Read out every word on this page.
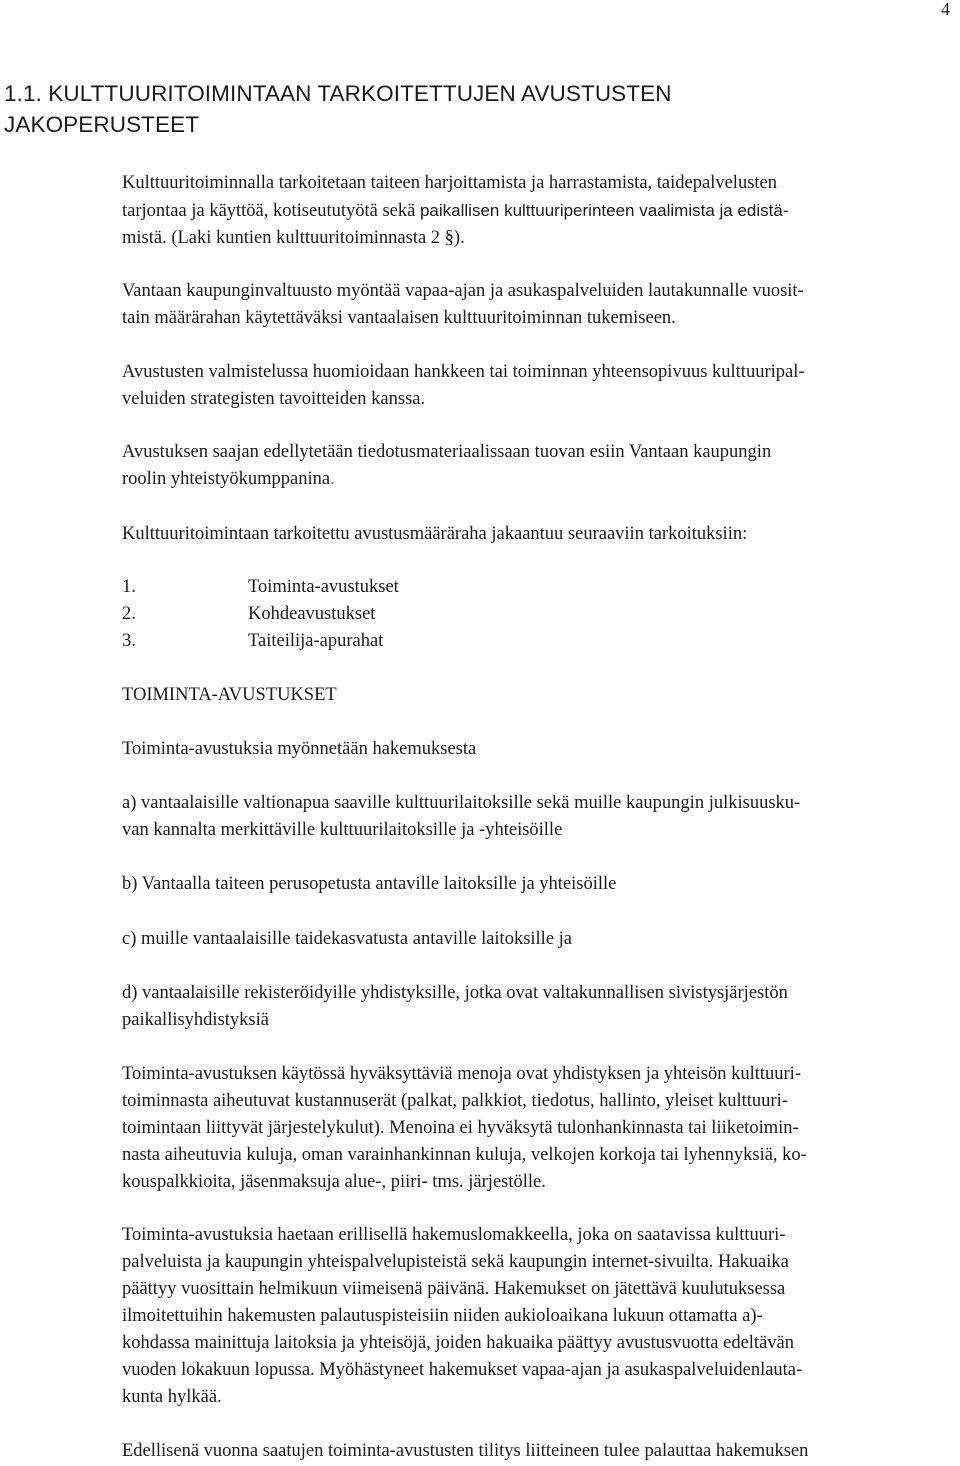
4
1.1. KULTTUURITOIMINTAAN TARKOITETTUJEN AVUSTUSTEN
JAKOPERUSTEET
Kulttuuritoiminnalla tarkoitetaan taiteen harjoittamista ja harrastamista, taidepalvelusten
tarjontaa ja käyttöä, kotiseututyötä sekä paikallisen kulttuuriperinteen vaalimista ja edistä-
mistä. (Laki kuntien kulttuuritoiminnasta 2 §).
Vantaan kaupunginvaltuusto myöntää vapaa-ajan ja asukaspalveluiden lautakunnalle vuosit-
tain määrärahan käytettäväksi vantaalaisen kulttuuritoiminnan tukemiseen.
Avustusten valmistelussa huomioidaan hankkeen tai toiminnan yhteensopivuus kulttuuripal-
veluiden strategisten tavoitteiden kanssa.
Avustuksen saajan edellytetään tiedotusmateriaalissaan tuovan esiin Vantaan kaupungin
roolin yhteistyökumppanina.
Kulttuuritoimintaan tarkoitettu avustusmääräraha jakaantuu seuraaviin tarkoituksiin:
1.	Toiminta-avustukset
2.	Kohdeavustukset
3.	Taiteilija-apurahat
TOIMINTA-AVUSTUKSET
Toiminta-avustuksia myönnetään hakemuksesta
a) vantaalaisille valtionapua saaville kulttuurilaitoksille sekä muille kaupungin julkisuusku-
van kannalta merkittäville kulttuurilaitoksille ja -yhteisöille
b) Vantaalla taiteen perusopetusta antaville laitoksille ja yhteisöille
c) muille vantaalaisille taidekasvatusta antaville laitoksille ja
d) vantaalaisille rekisteröidyille yhdistyksille, jotka ovat valtakunnallisen sivistysjärjestön
paikallisyhdistyksiä
Toiminta-avustuksen käytössä hyväksyttäviä menoja ovat yhdistyksen ja yhteisön kulttuuri-
toiminnasta aiheutuvat kustannuserät (palkat, palkkiot, tiedotus, hallinto, yleiset kulttuuri-
toimintaan liittyvät järjestelykulut). Menoina ei hyväksytä tulonhankinnasta tai liiketoimin-
nasta aiheutuvia kuluja, oman varainhankinnan kuluja, velkojen korkoja tai lyhennyksiä, ko-
kouspalkkioita, jäsenmaksuja alue-, piiri- tms. järjestölle.
Toiminta-avustuksia haetaan erillisellä hakemuslomakkeella, joka on saatavissa kulttuuri-
palveluista ja kaupungin yhteispalvelupisteistä sekä kaupungin internet-sivuilta. Hakuaika
päättyy vuosittain helmikuun viimeisenä päivänä. Hakemukset on jätettävä kuulutuksessa
ilmoitettuihin hakemusten palautuspisteisiin niiden aukioloaikana lukuun ottamatta a)-
kohdassa mainittuja laitoksia ja yhteisöjä, joiden hakuaika päättyy avustusvuotta edeltävän
vuoden lokakuun lopussa. Myöhästyneet hakemukset vapaa-ajan ja asukaspalveluidenlauta-
kunta hylkää.
Edellisenä vuonna saatujen toiminta-avustusten tilitys liitteineen tulee palauttaa hakemuksen
